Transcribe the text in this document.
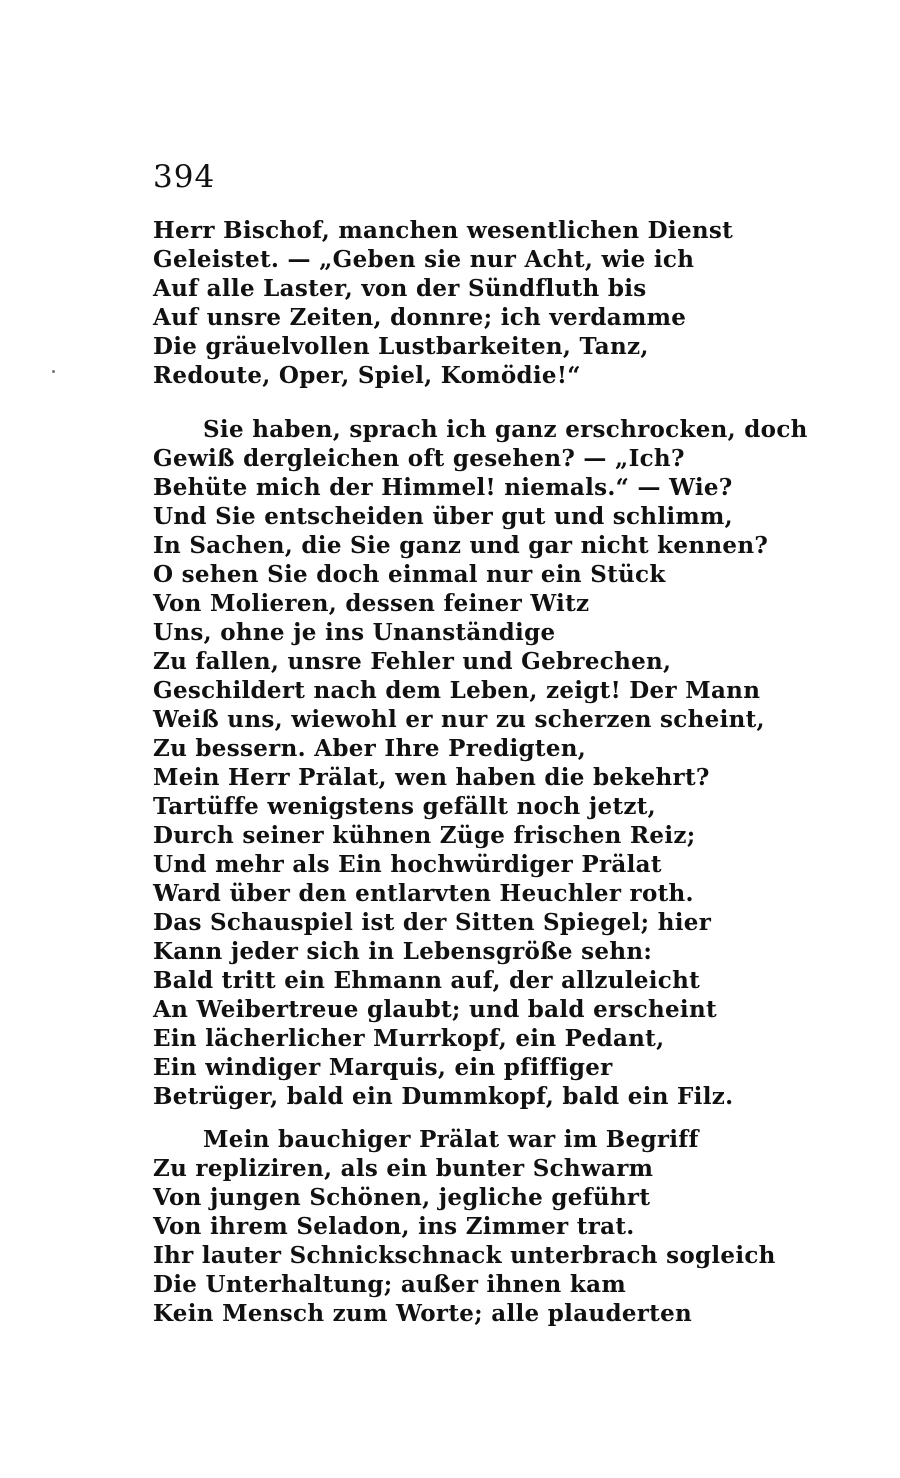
394
Herr Bischof, manchen wesentlichen Dienst
Geleistet. — „Geben sie nur Acht, wie ich
Auf alle Laster, von der Sündfluth bis
Auf unsre Zeiten, donnre; ich verdamme
Die gräuelvollen Lustbarkeiten, Tanz,
Redoute, Oper, Spiel, Komödie!“
Sie haben, sprach ich ganz erschrocken, doch
Gewiß dergleichen oft gesehen? — „Ich?
Behüte mich der Himmel! niemals.“ — Wie?
Und Sie entscheiden über gut und schlimm,
In Sachen, die Sie ganz und gar nicht kennen?
O sehen Sie doch einmal nur ein Stück
Von Molieren, dessen feiner Witz
Uns, ohne je ins Unanständige
Zu fallen, unsre Fehler und Gebrechen,
Geschildert nach dem Leben, zeigt! Der Mann
Weiß uns, wiewohl er nur zu scherzen scheint,
Zu bessern. Aber Ihre Predigten,
Mein Herr Prälat, wen haben die bekehrt?
Tartüffe wenigstens gefällt noch jetzt,
Durch seiner kühnen Züge frischen Reiz;
Und mehr als Ein hochwürdiger Prälat
Ward über den entlarvten Heuchler roth.
Das Schauspiel ist der Sitten Spiegel; hier
Kann jeder sich in Lebensgröße sehn:
Bald tritt ein Ehmann auf, der allzuleicht
An Weibertreue glaubt; und bald erscheint
Ein lächerlicher Murrkopf, ein Pedant,
Ein windiger Marquis, ein pfiffiger
Betrüger, bald ein Dummkopf, bald ein Filz.
Mein bauchiger Prälat war im Begriff
Zu repliziren, als ein bunter Schwarm
Von jungen Schönen, jegliche geführt
Von ihrem Seladon, ins Zimmer trat.
Ihr lauter Schnickschnack unterbrach sogleich
Die Unterhaltung; außer ihnen kam
Kein Mensch zum Worte; alle plauderten
